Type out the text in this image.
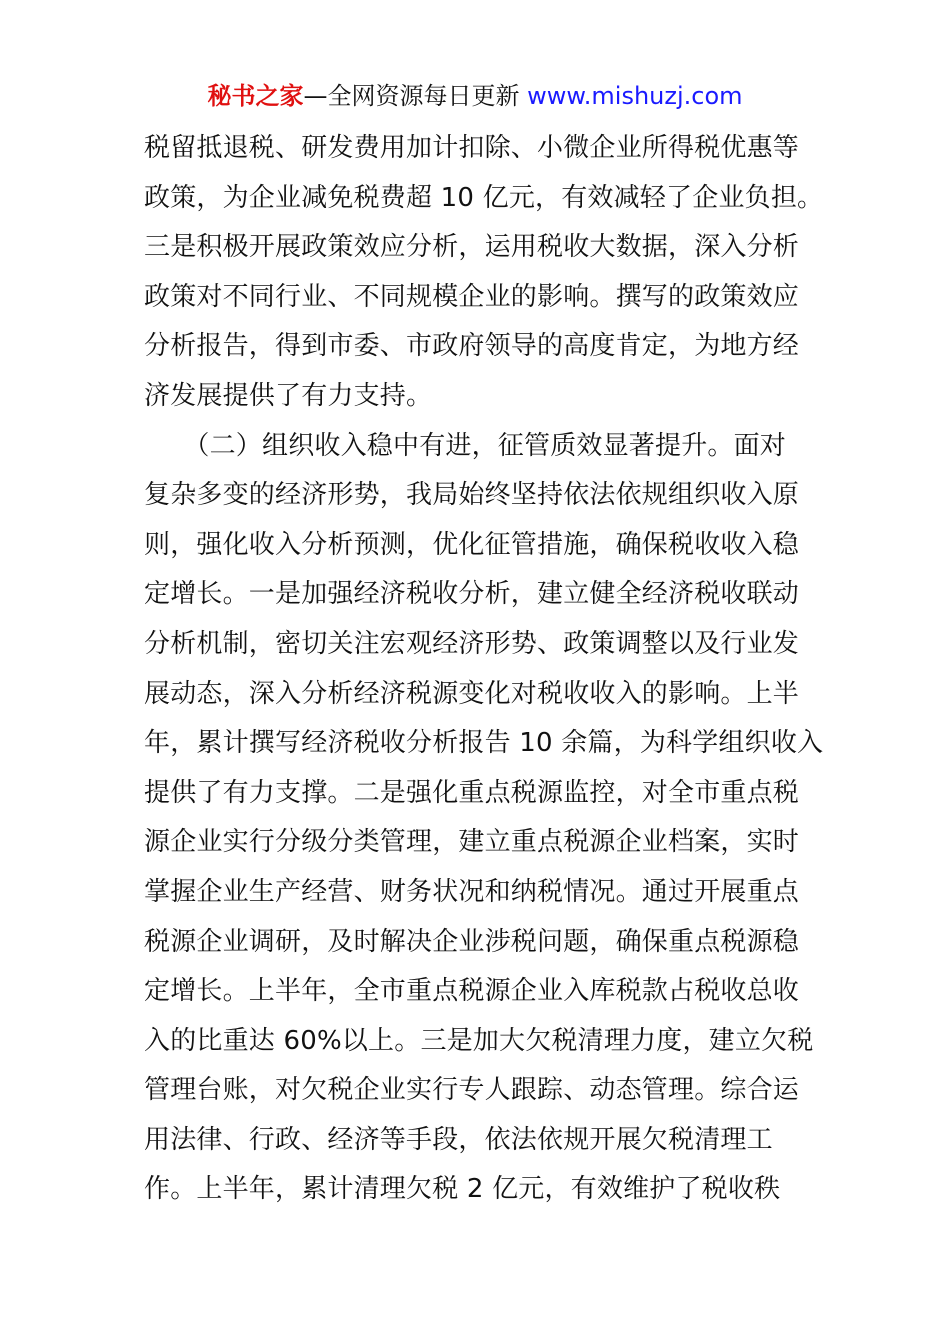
秘书之家—全网资源每日更新 www.mishuzj.com
税留抵退税、研发费用加计扣除、小微企业所得税优惠等
政策，为企业减免税费超 10 亿元，有效减轻了企业负担。
三是积极开展政策效应分析，运用税收大数据，深入分析
政策对不同行业、不同规模企业的影响。撰写的政策效应
分析报告，得到市委、市政府领导的高度肯定，为地方经
济发展提供了有力支持。
　　（二）组织收入稳中有进，征管质效显著提升。面对
复杂多变的经济形势，我局始终坚持依法依规组织收入原
则，强化收入分析预测，优化征管措施，确保税收收入稳
定增长。一是加强经济税收分析，建立健全经济税收联动
分析机制，密切关注宏观经济形势、政策调整以及行业发
展动态，深入分析经济税源变化对税收收入的影响。上半
年，累计撰写经济税收分析报告 10 余篇，为科学组织收入
提供了有力支撑。二是强化重点税源监控，对全市重点税
源企业实行分级分类管理，建立重点税源企业档案，实时
掌握企业生产经营、财务状况和纳税情况。通过开展重点
税源企业调研，及时解决企业涉税问题，确保重点税源稳
定增长。上半年，全市重点税源企业入库税款占税收总收
入的比重达 60%以上。三是加大欠税清理力度，建立欠税
管理台账，对欠税企业实行专人跟踪、动态管理。综合运
用法律、行政、经济等手段，依法依规开展欠税清理工
作。上半年，累计清理欠税 2 亿元，有效维护了税收秩
